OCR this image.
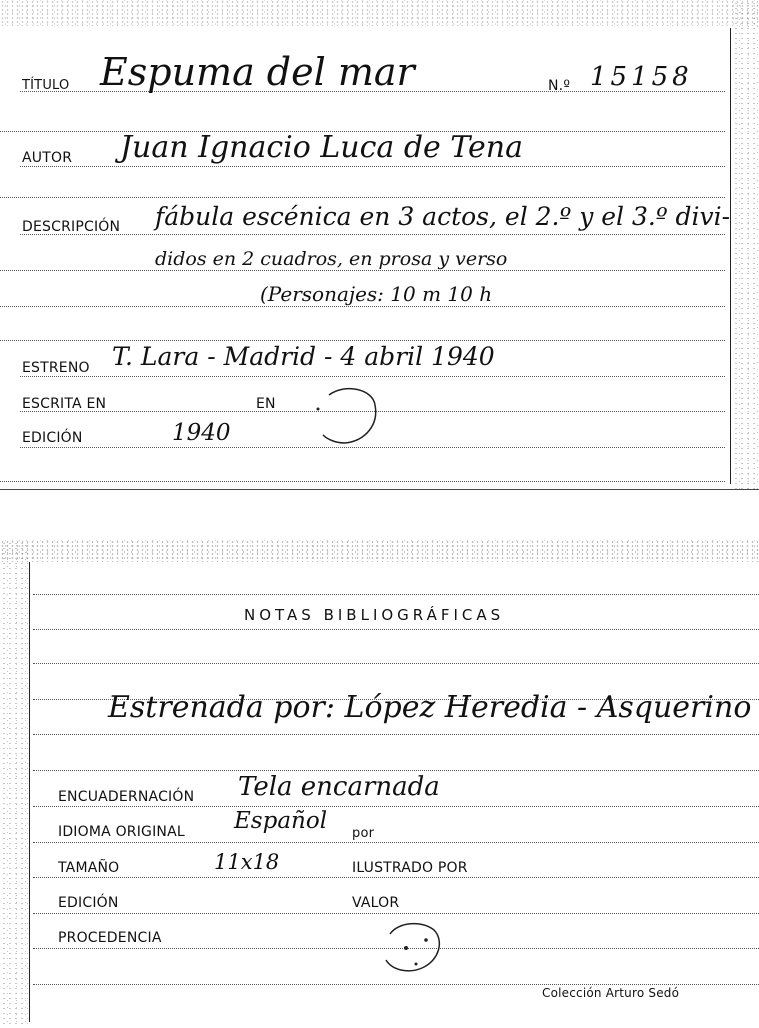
TÍTULO Espuma del mar	N.º 15158
AUTOR Juan Ignacio Luca de Tena
DESCRIPCIÓN fábula escénica en 3 actos, el 2.º y el 3.º divi-
didos en 2 cuadros, en prosa y verso
(Personajes: 10 m 10 h
ESTRENO T. Lara - Madrid - 4 abril 1940
ESCRITA EN	EN
EDICIÓN	1940
NOTAS BIBLIOGRÁFICAS
Estrenada por: López Heredia - Asquerino
ENCUADERNACIÓN Tela encarnada
IDIOMA ORIGINAL Español por
TAMAÑO	11x18	ILUSTRADO POR
EDICIÓN	VALOR
PROCEDENCIA
Colección Arturo Sedó
